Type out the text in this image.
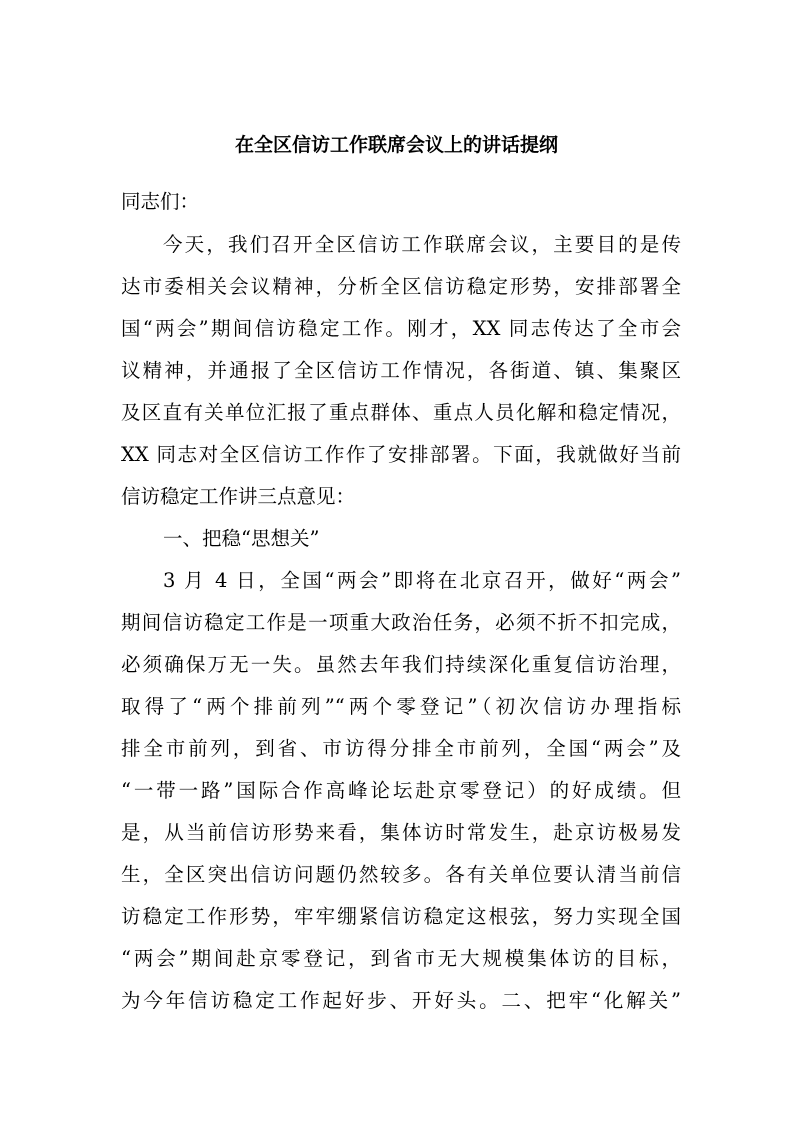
在全区信访工作联席会议上的讲话提纲
同志们：
今天，我们召开全区信访工作联席会议，主要目的是传
达市委相关会议精神，分析全区信访稳定形势，安排部署全
国“两会”期间信访稳定工作。刚才，XX 同志传达了全市会
议精神，并通报了全区信访工作情况，各街道、镇、集聚区
及区直有关单位汇报了重点群体、重点人员化解和稳定情况，
XX 同志对全区信访工作作了安排部署。下面，我就做好当前
信访稳定工作讲三点意见：
一、把稳“思想关”
3 月 4 日，全国“两会”即将在北京召开，做好“两会”
期间信访稳定工作是一项重大政治任务，必须不折不扣完成，
必须确保万无一失。虽然去年我们持续深化重复信访治理，
取得了“两个排前列”“两个零登记”（初次信访办理指标
排全市前列，到省、市访得分排全市前列，全国“两会”及
“一带一路”国际合作高峰论坛赴京零登记）的好成绩。但
是，从当前信访形势来看，集体访时常发生，赴京访极易发
生，全区突出信访问题仍然较多。各有关单位要认清当前信
访稳定工作形势，牢牢绷紧信访稳定这根弦，努力实现全国
“两会”期间赴京零登记，到省市无大规模集体访的目标，
为今年信访稳定工作起好步、开好头。二、把牢“化解关”
